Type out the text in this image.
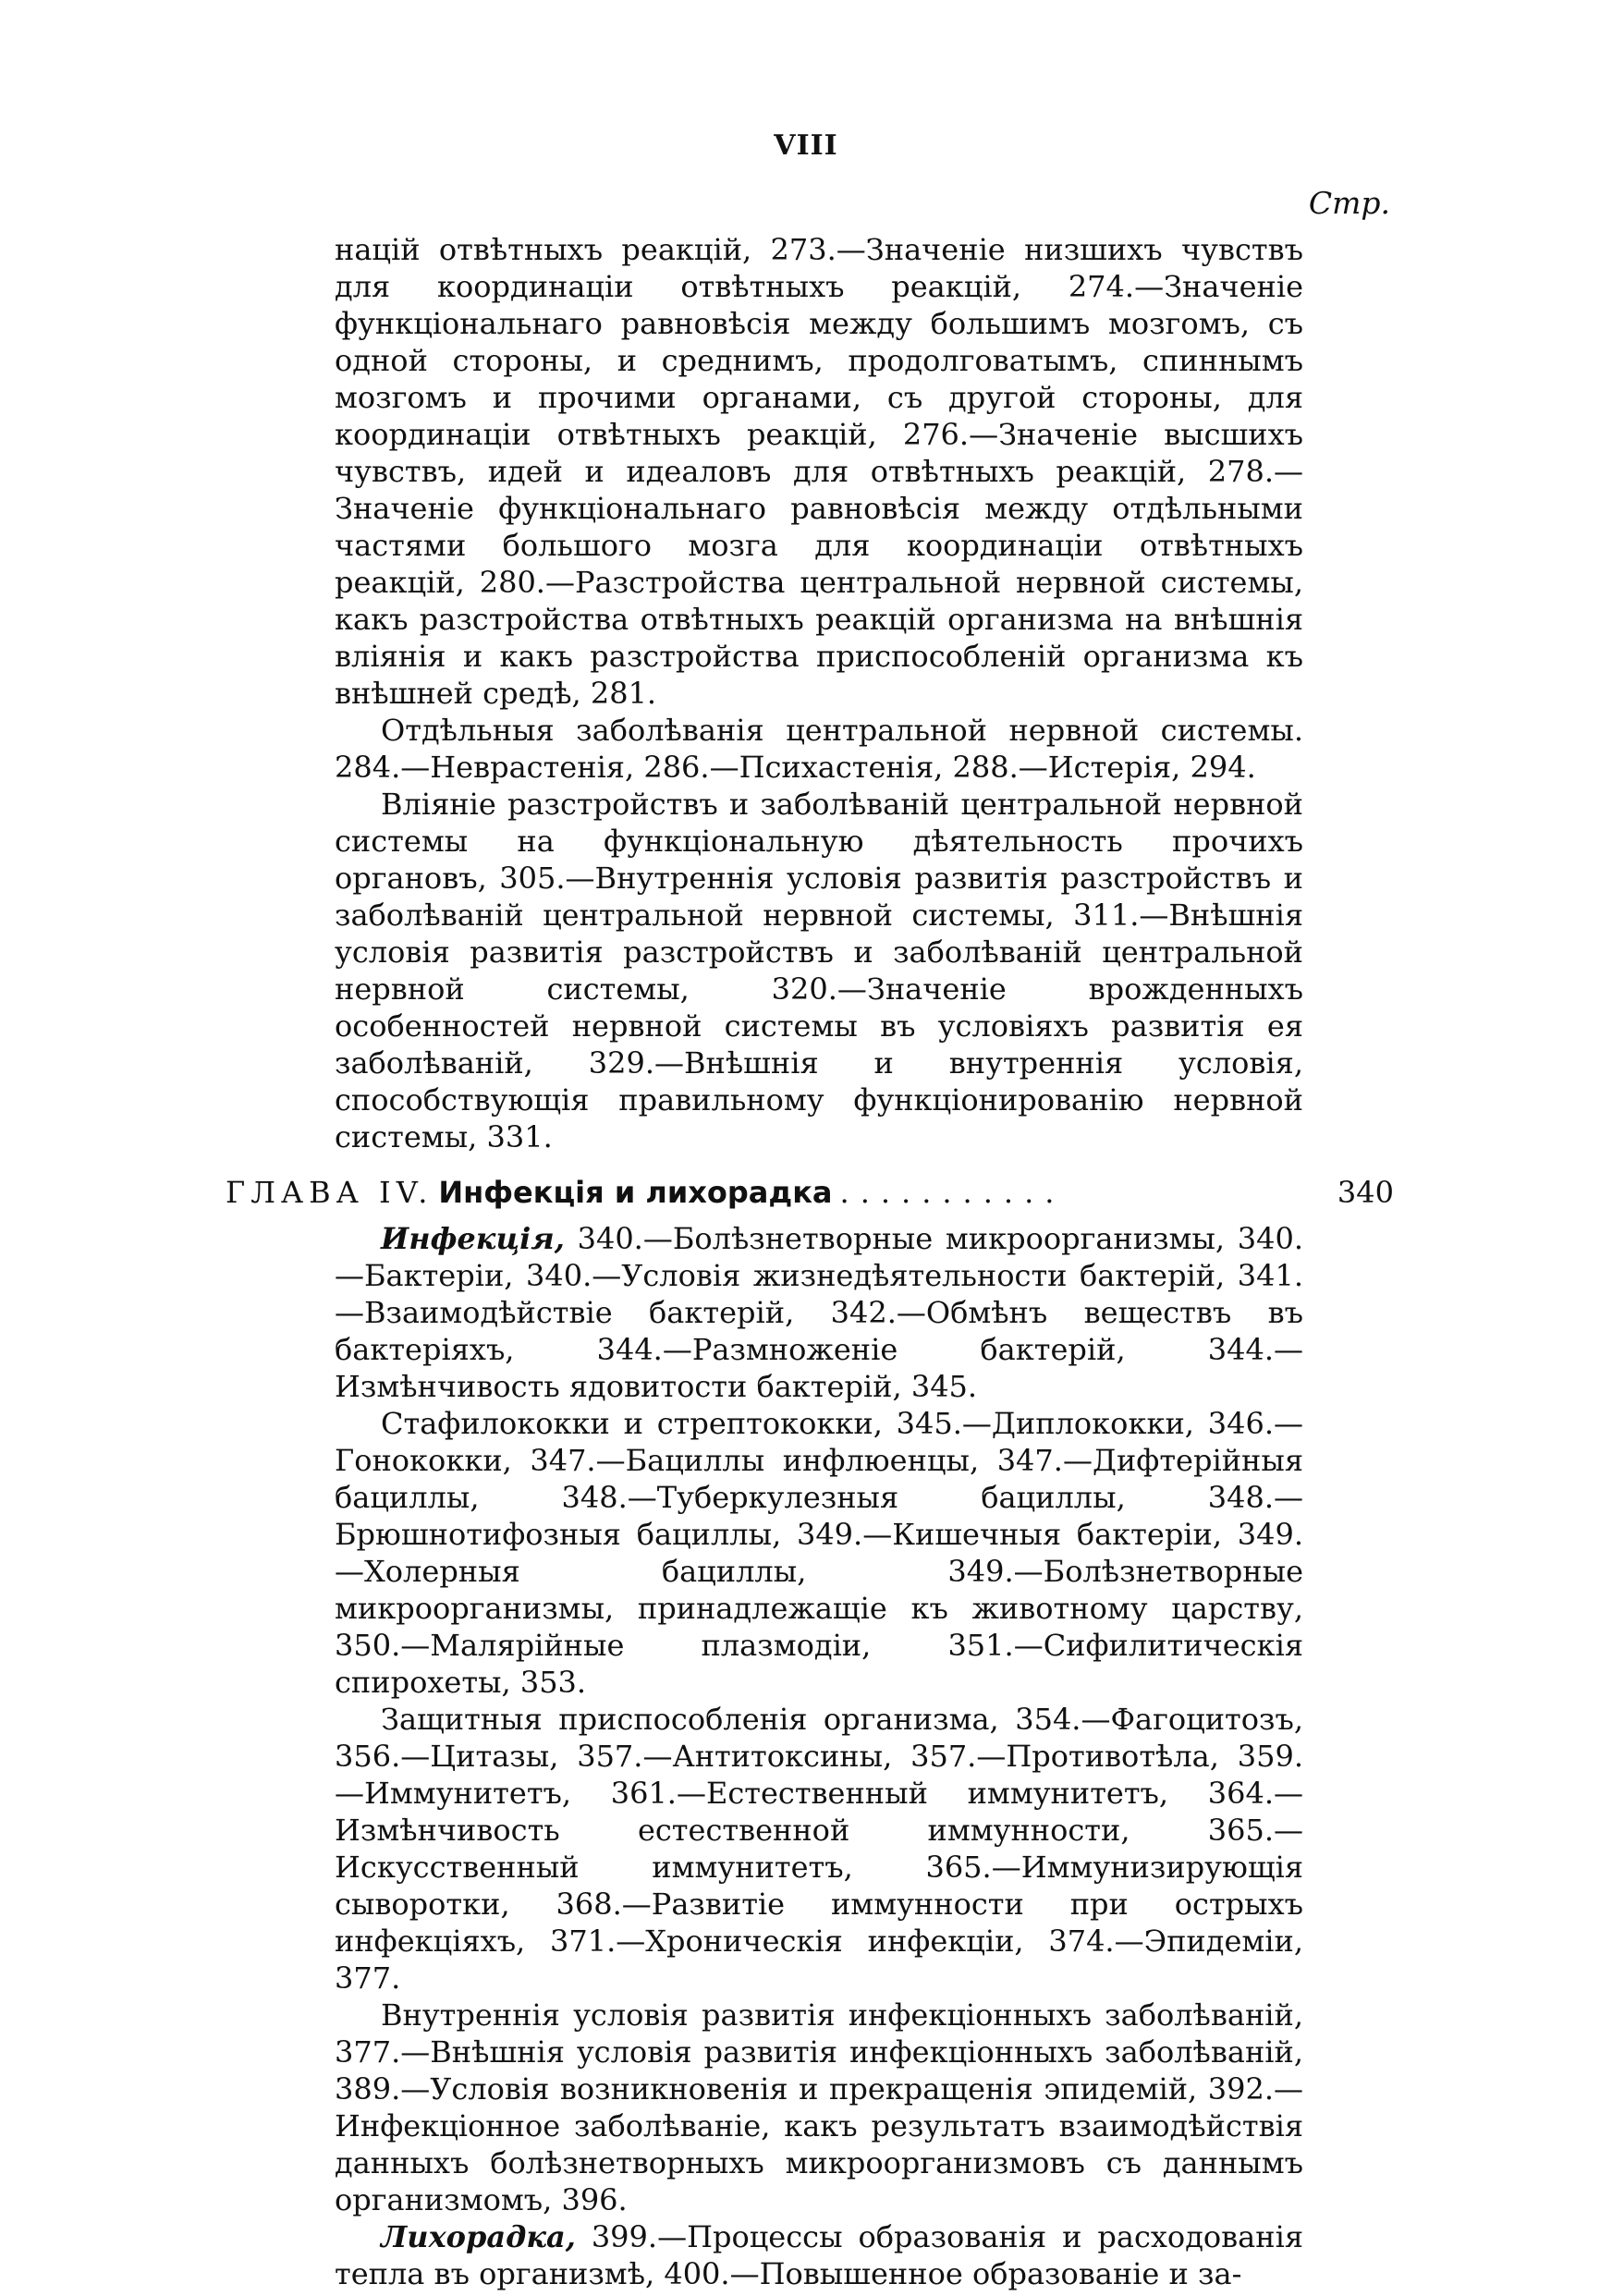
VIII
Стр.

націй отвѣтныхъ реакцій, 273.—Значеніе низшихъ чувствъ для координаціи отвѣтныхъ реакцій, 274.—Значеніе функціональнаго равновѣсія между большимъ мозгомъ, съ одной стороны, и среднимъ, продолговатымъ, спиннымъ мозгомъ и прочими органами, съ другой стороны, для координаціи отвѣтныхъ реакцій, 276.—Значеніе высшихъ чувствъ, идей и идеаловъ для отвѣтныхъ реакцій, 278.—Значеніе функціональнаго равновѣсія между отдѣльными частями большого мозга для координаціи отвѣтныхъ реакцій, 280.—Разстройства центральной нервной системы, какъ разстройства отвѣтныхъ реакцій организма на внѣшнія вліянія и какъ разстройства приспособленій организма къ внѣшней средѣ, 281.

Отдѣльныя заболѣванія центральной нервной системы. 284.—Неврастенія, 286.—Психастенія, 288.—Истерія, 294.

Вліяніе разстройствъ и заболѣваній центральной нервной системы на функціональную дѣятельность прочихъ органовъ, 305.—Внутреннія условія развитія разстройствъ и заболѣваній центральной нервной системы, 311.—Внѣшнія условія развитія разстройствъ и заболѣваній центральной нервной системы, 320.—Значеніе врожденныхъ особенностей нервной системы въ условіяхъ развитія ея заболѣваній, 329.—Внѣшнія и внутреннія условія, способствующія правильному функціонированію нервной системы, 331.

ГЛАВА IV. Инфекція и лихорадка ...........	340

Инфекція, 340.—Болѣзнетворные микроорганизмы, 340.—Бактеріи, 340.—Условія жизнедѣятельности бактерій, 341.—Взаимодѣйствіе бактерій, 342.—Обмѣнъ веществъ въ бактеріяхъ, 344.—Размноженіе бактерій, 344.—Измѣнчивость ядовитости бактерій, 345.

Стафилококки и стрептококки, 345.—Диплококки, 346.—Гонококки, 347.—Бациллы инфлюенцы, 347.—Дифтерійныя бациллы, 348.—Туберкулезныя бациллы, 348.—Брюшнотифозныя бациллы, 349.—Кишечныя бактеріи, 349.—Холерныя бациллы, 349.—Болѣзнетворные микроорганизмы, принадлежащіе къ животному царству, 350.—Малярійные плазмодіи, 351.—Сифилитическія спирохеты, 353.

Защитныя приспособленія организма, 354.—Фагоцитозъ, 356.—Цитазы, 357.—Антитоксины, 357.—Противотѣла, 359.—Иммунитетъ, 361.—Естественный иммунитетъ, 364.—Измѣнчивость естественной иммунности, 365.—Искусственный иммунитетъ, 365.—Иммунизирующія сыворотки, 368.—Развитіе иммунности при острыхъ инфекціяхъ, 371.—Хроническія инфекціи, 374.—Эпидеміи, 377.

Внутреннія условія развитія инфекціонныхъ заболѣваній, 377.—Внѣшнія условія развитія инфекціонныхъ заболѣваній, 389.—Условія возникновенія и прекращенія эпидемій, 392.—Инфекціонное заболѣваніе, какъ результатъ взаимодѣйствія данныхъ болѣзнетворныхъ микроорганизмовъ съ даннымъ организмомъ, 396.

Лихорадка, 399.—Процессы образованія и расходованія тепла въ организмѣ, 400.—Повышенное образованіе и за-
